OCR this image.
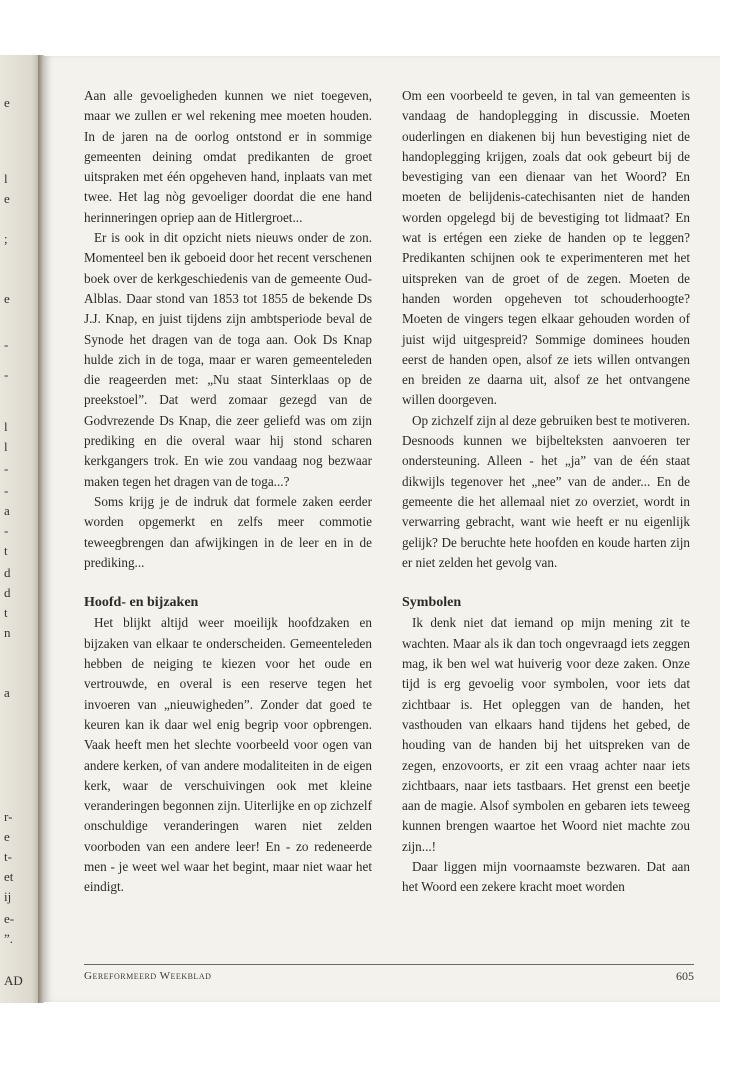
e
l
e
;
e
-
-
l
l
-
-
a
-
t
d
d
t
n
a
r-
e
t-
et
ij
e-
”.
AD

Aan alle gevoeligheden kunnen we niet toegeven, maar we zullen er wel rekening mee moeten houden. In de jaren na de oorlog ontstond er in sommige gemeenten deining omdat predikanten de groet uitspraken met één opgeheven hand, inplaats van met twee. Het lag nòg gevoeliger doordat die ene hand herinneringen opriep aan de Hitlergroet...

Er is ook in dit opzicht niets nieuws onder de zon. Momenteel ben ik geboeid door het recent verschenen boek over de kerkgeschiedenis van de gemeente Oud-Alblas. Daar stond van 1853 tot 1855 de bekende Ds J.J. Knap, en juist tijdens zijn ambtsperiode beval de Synode het dragen van de toga aan. Ook Ds Knap hulde zich in de toga, maar er waren gemeenteleden die reageerden met: „Nu staat Sinterklaas op de preekstoel”. Dat werd zomaar gezegd van de Godvrezende Ds Knap, die zeer geliefd was om zijn prediking en die overal waar hij stond scharen kerkgangers trok. En wie zou vandaag nog bezwaar maken tegen het dragen van de toga...?

Soms krijg je de indruk dat formele zaken eerder worden opgemerkt en zelfs meer commotie teweegbrengen dan afwijkingen in de leer en in de prediking...

Hoofd- en bijzaken

Het blijkt altijd weer moeilijk hoofdzaken en bijzaken van elkaar te onderscheiden. Gemeenteleden hebben de neiging te kiezen voor het oude en vertrouwde, en overal is een reserve tegen het invoeren van „nieuwigheden”. Zonder dat goed te keuren kan ik daar wel enig begrip voor opbrengen. Vaak heeft men het slechte voorbeeld voor ogen van andere kerken, of van andere modaliteiten in de eigen kerk, waar de verschuivingen ook met kleine veranderingen begonnen zijn. Uiterlijke en op zichzelf onschuldige veranderingen waren niet zelden voorboden van een andere leer! En - zo redeneerde men - je weet wel waar het begint, maar niet waar het eindigt.

Om een voorbeeld te geven, in tal van gemeenten is vandaag de handoplegging in discussie. Moeten ouderlingen en diakenen bij hun bevestiging niet de handoplegging krijgen, zoals dat ook gebeurt bij de bevestiging van een dienaar van het Woord? En moeten de belijdenis-catechisanten niet de handen worden opgelegd bij de bevestiging tot lidmaat? En wat is ertégen een zieke de handen op te leggen? Predikanten schijnen ook te experimenteren met het uitspreken van de groet of de zegen. Moeten de handen worden opgeheven tot schouderhoogte? Moeten de vingers tegen elkaar gehouden worden of juist wijd uitgespreid? Sommige dominees houden eerst de handen open, alsof ze iets willen ontvangen en breiden ze daarna uit, alsof ze het ontvangene willen doorgeven.

Op zichzelf zijn al deze gebruiken best te motiveren. Desnoods kunnen we bijbelteksten aanvoeren ter ondersteuning. Alleen - het „ja” van de één staat dikwijls tegenover het „nee” van de ander... En de gemeente die het allemaal niet zo overziet, wordt in verwarring gebracht, want wie heeft er nu eigenlijk gelijk? De beruchte hete hoofden en koude harten zijn er niet zelden het gevolg van.

Symbolen

Ik denk niet dat iemand op mijn mening zit te wachten. Maar als ik dan toch ongevraagd iets zeggen mag, ik ben wel wat huiverig voor deze zaken. Onze tijd is erg gevoelig voor symbolen, voor iets dat zichtbaar is. Het opleggen van de handen, het vasthouden van elkaars hand tijdens het gebed, de houding van de handen bij het uitspreken van de zegen, enzovoorts, er zit een vraag achter naar iets zichtbaars, naar iets tastbaars. Het grenst een beetje aan de magie. Alsof symbolen en gebaren iets teweeg kunnen brengen waartoe het Woord niet machte zou zijn...!

Daar liggen mijn voornaamste bezwaren. Dat aan het Woord een zekere kracht moet worden

Gereformeerd Weekblad	605
